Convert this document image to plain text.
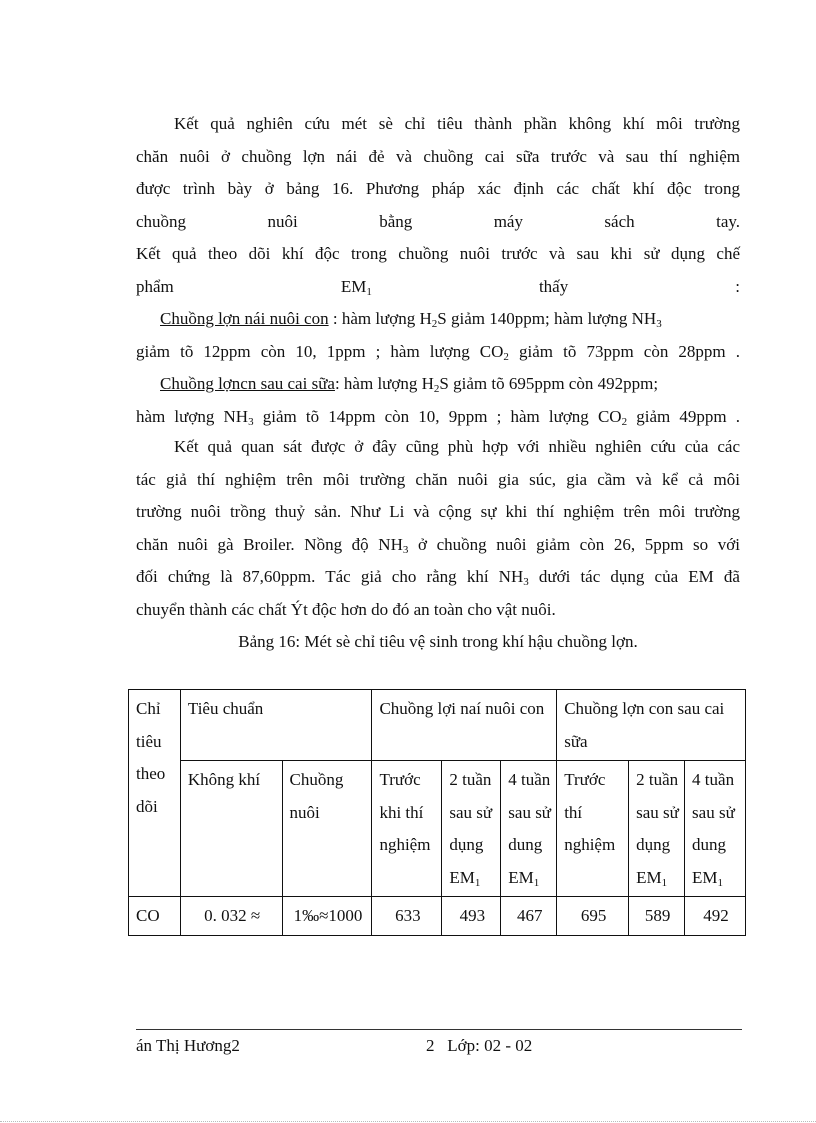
Kết quả nghiên cứu mét sè chỉ tiêu thành phần không khí môi trường
chăn nuôi ở chuồng lợn nái đẻ và chuồng cai sữa trước và sau thí nghiệm
được trình bày ở bảng 16. Phương pháp xác định các chất khí độc trong
chuồng	nuôi	bằng	máy	sách	tay.
Kết quả theo dõi khí độc trong chuồng nuôi trước và sau khi sử dụng chế
phẩm	$EM_1$	thấy	:
Chuồng lợn nái nuôi con : hàm lượng $H_2S$ giảm 140ppm; hàm lượng $NH_3$
giảm tõ 12ppm còn 10, 1ppm ; hàm lượng $CO_2$ giảm tõ 73ppm còn 28ppm .
Chuồng lợncn sau cai sữa: hàm lượng $H_2S$ giảm tõ 695ppm còn 492ppm;
hàm lượng $NH_3$ giảm tõ 14ppm còn 10, 9ppm ; hàm lượng $CO_2$ giảm 49ppm .
Kết quả quan sát được ở đây cũng phù hợp với nhiều nghiên cứu của các
tác giả thí nghiệm trên môi trường chăn nuôi gia súc, gia cầm và kể cả môi
trường nuôi trồng thuỷ sản. Như Li và cộng sự khi thí nghiệm trên môi trường
chăn nuôi gà Broiler. Nồng độ $NH_3$ ở chuồng nuôi giảm còn 26, 5ppm so với
đối chứng là 87,60ppm. Tác giả cho rằng khí $NH_3$ dưới tác dụng của EM đã
chuyển thành các chất Ýt độc hơn do đó an toàn cho vật nuôi.
Bảng 16: Mét sè chỉ tiêu vệ sinh trong khí hậu chuồng lợn.
Chỉ tiêu theo dõi	Tiêu chuẩn		Chuồng lợi naí nuôi con			Chuồng lợn con sau cai sữa		
	Không khí	Chuồng nuôi	Trước khi thí nghiệm	2 tuần sau sử dụng $EM_1$	4 tuần sau sử dung $EM_1$	Trước thí nghiệm	2 tuần sau sử dụng $EM_1$	4 tuần sau sử dung $EM_1$
CO	0. 032 ≈	1‰≈1000	633	493	467	695	589	492
án Thị Hương2	2 Lớp: 02 - 02
